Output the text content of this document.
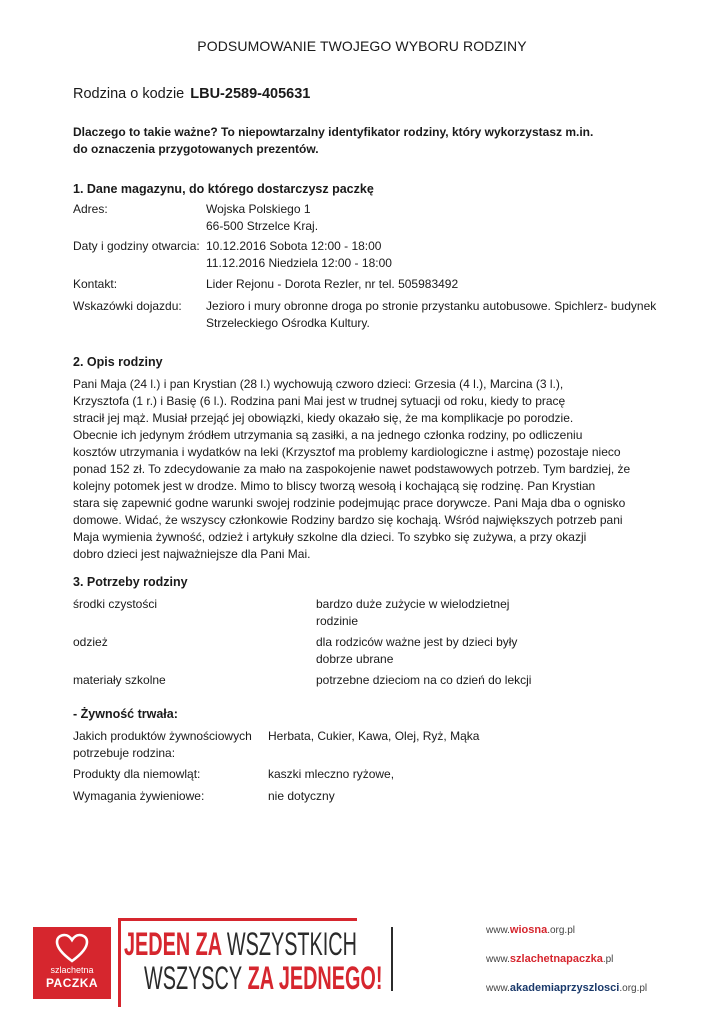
PODSUMOWANIE TWOJEGO WYBORU RODZINY
Rodzina o kodzie LBU-2589-405631
Dlaczego to takie ważne? To niepowtarzalny identyfikator rodziny, który wykorzystasz m.in.
do oznaczenia przygotowanych prezentów.
1. Dane magazynu, do którego dostarczysz paczkę
Adres:	Wojska Polskiego 1
66-500 Strzelce Kraj.
Daty i godziny otwarcia: 10.12.2016 Sobota 12:00 - 18:00
11.12.2016 Niedziela 12:00 - 18:00
Kontakt:	Lider Rejonu - Dorota Rezler, nr tel. 505983492
Wskazówki dojazdu: Jezioro i mury obronne droga po stronie przystanku autobusowe. Spichlerz- budynek
Strzeleckiego Ośrodka Kultury.
2. Opis rodziny
Pani Maja (24 l.) i pan Krystian (28 l.) wychowują czworo dzieci: Grzesia (4 l.), Marcina (3 l.),
Krzysztofa (1 r.) i Basię (6 l.). Rodzina pani Mai jest w trudnej sytuacji od roku, kiedy to pracę
stracił jej mąż. Musiał przejąć jej obowiązki, kiedy okazało się, że ma komplikacje po porodzie.
Obecnie ich jedynym źródłem utrzymania są zasiłki, a na jednego członka rodziny, po odliczeniu
kosztów utrzymania i wydatków na leki (Krzysztof ma problemy kardiologiczne i astmę) pozostaje nieco
ponad 152 zł. To zdecydowanie za mało na zaspokojenie nawet podstawowych potrzeb. Tym bardziej, że
kolejny potomek jest w drodze. Mimo to bliscy tworzą wesołą i kochającą się rodzinę. Pan Krystian
stara się zapewnić godne warunki swojej rodzinie podejmując prace dorywcze. Pani Maja dba o ognisko
domowe. Widać, że wszyscy członkowie Rodziny bardzo się kochają. Wśród największych potrzeb pani
Maja wymienia żywność, odzież i artykuły szkolne dla dzieci. To szybko się zużywa, a przy okazji
dobro dzieci jest najważniejsze dla Pani Mai.
3. Potrzeby rodziny
środki czystości	bardzo duże zużycie w wielodzietnej
rodzinie
odzież	dla rodziców ważne jest by dzieci były
dobrze ubrane
materiały szkolne	potrzebne dzieciom na co dzień do lekcji
- Żywność trwała:
Jakich produktów żywnościowych
potrzebuje rodzina:
Herbata, Cukier, Kawa, Olej, Ryż, Mąka
Produkty dla niemowląt:	kaszki mleczno ryżowe,
Wymagania żywieniowe:	nie dotyczny
szlachetna
PACZKA
JEDEN ZA WSZYSTKICH
WSZYSCY ZA JEDNEGO!
www.wiosna.org.pl
www.szlachetnapaczka.pl
www.akademiaprzyszlosci.org.pl
